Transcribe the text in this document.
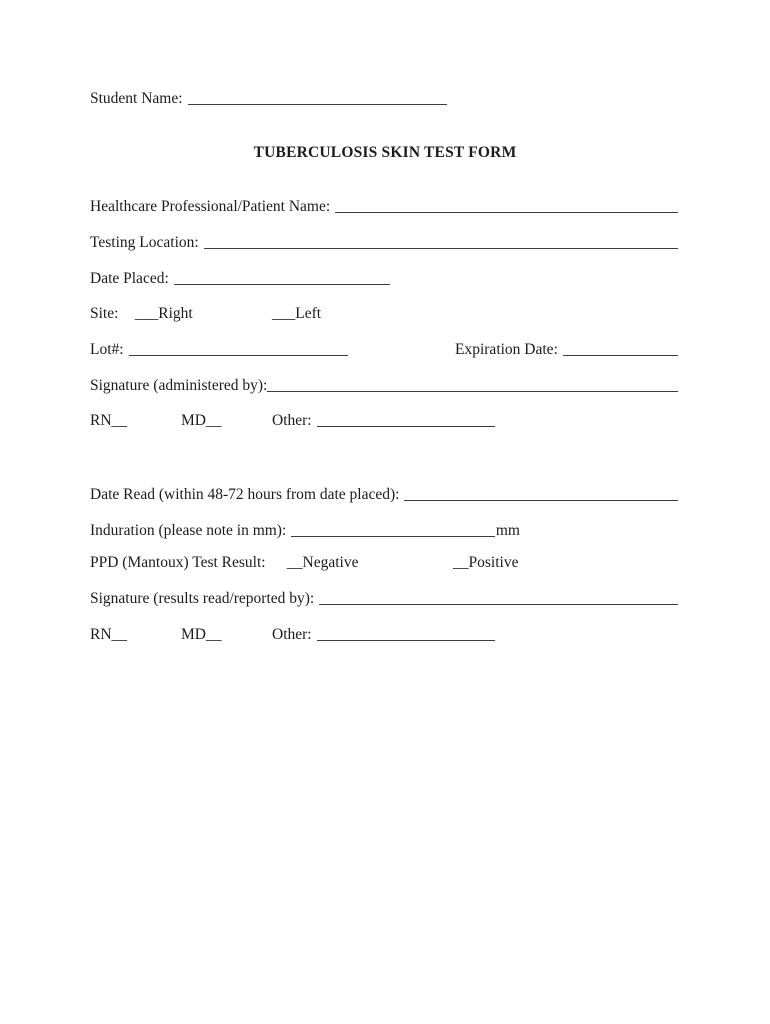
Student Name:
TUBERCULOSIS SKIN TEST FORM
Healthcare Professional/Patient Name:
Testing Location:
Date Placed:
Site: ___Right	___Left
Lot#:	Expiration Date:
Signature (administered by):
RN__	MD__	Other:
Date Read (within 48-72 hours from date placed):
Induration (please note in mm):	mm
PPD (Mantoux) Test Result: __Negative	__Positive
Signature (results read/reported by):
RN__	MD__	Other:
